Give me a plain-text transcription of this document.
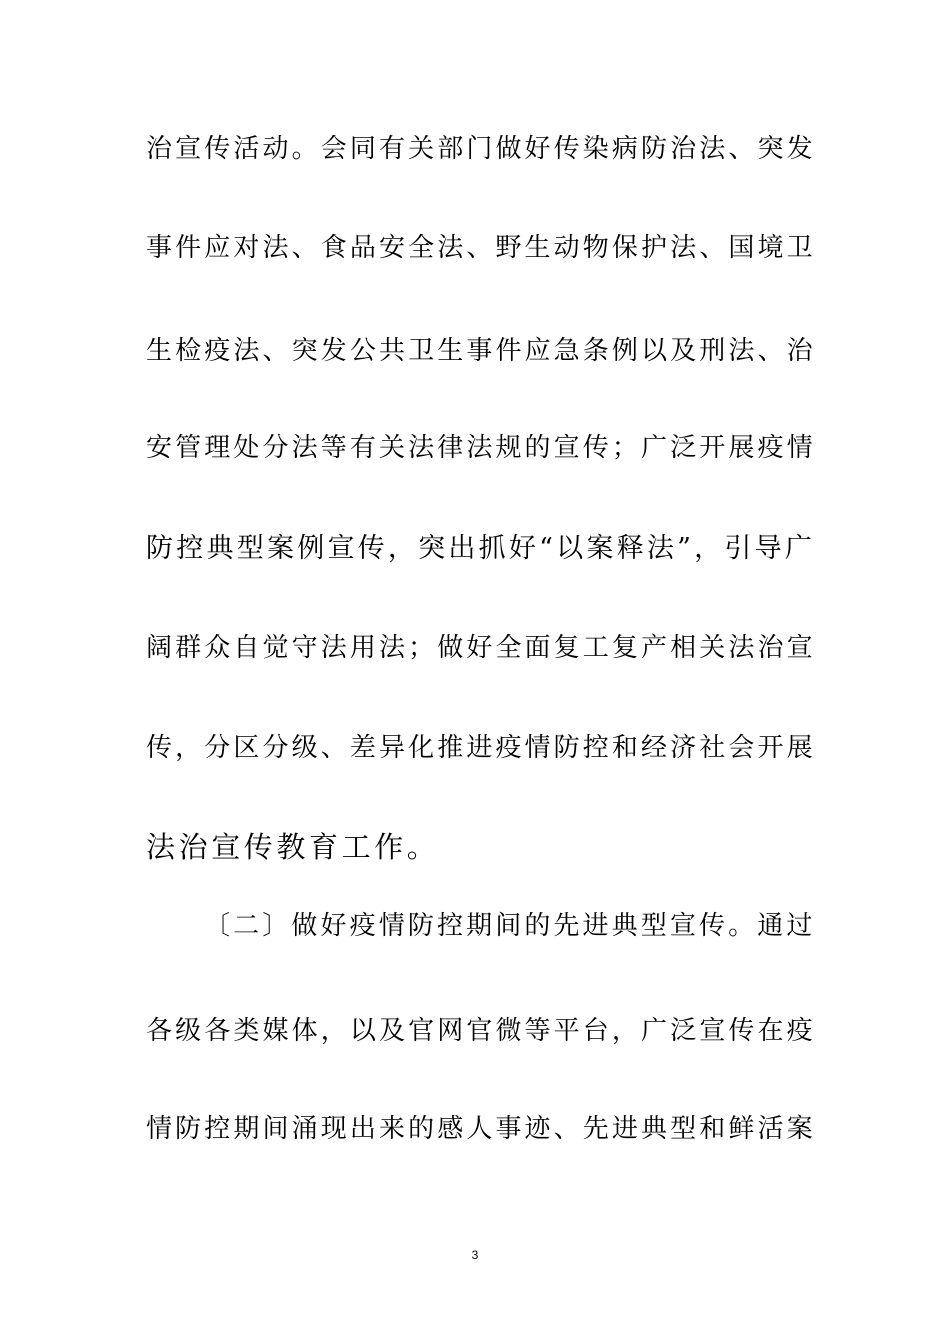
治宣传活动。会同有关部门做好传染病防治法、突发
事件应对法、食品安全法、野生动物保护法、国境卫
生检疫法、突发公共卫生事件应急条例以及刑法、治
安管理处分法等有关法律法规的宣传；广泛开展疫情
防控典型案例宣传，突出抓好“以案释法”，引导广
阔群众自觉守法用法；做好全面复工复产相关法治宣
传，分区分级、差异化推进疫情防控和经济社会开展
法治宣传教育工作。
〔二〕做好疫情防控期间的先进典型宣传。通过
各级各类媒体，以及官网官微等平台，广泛宣传在疫
情防控期间涌现出来的感人事迹、先进典型和鲜活案
3
